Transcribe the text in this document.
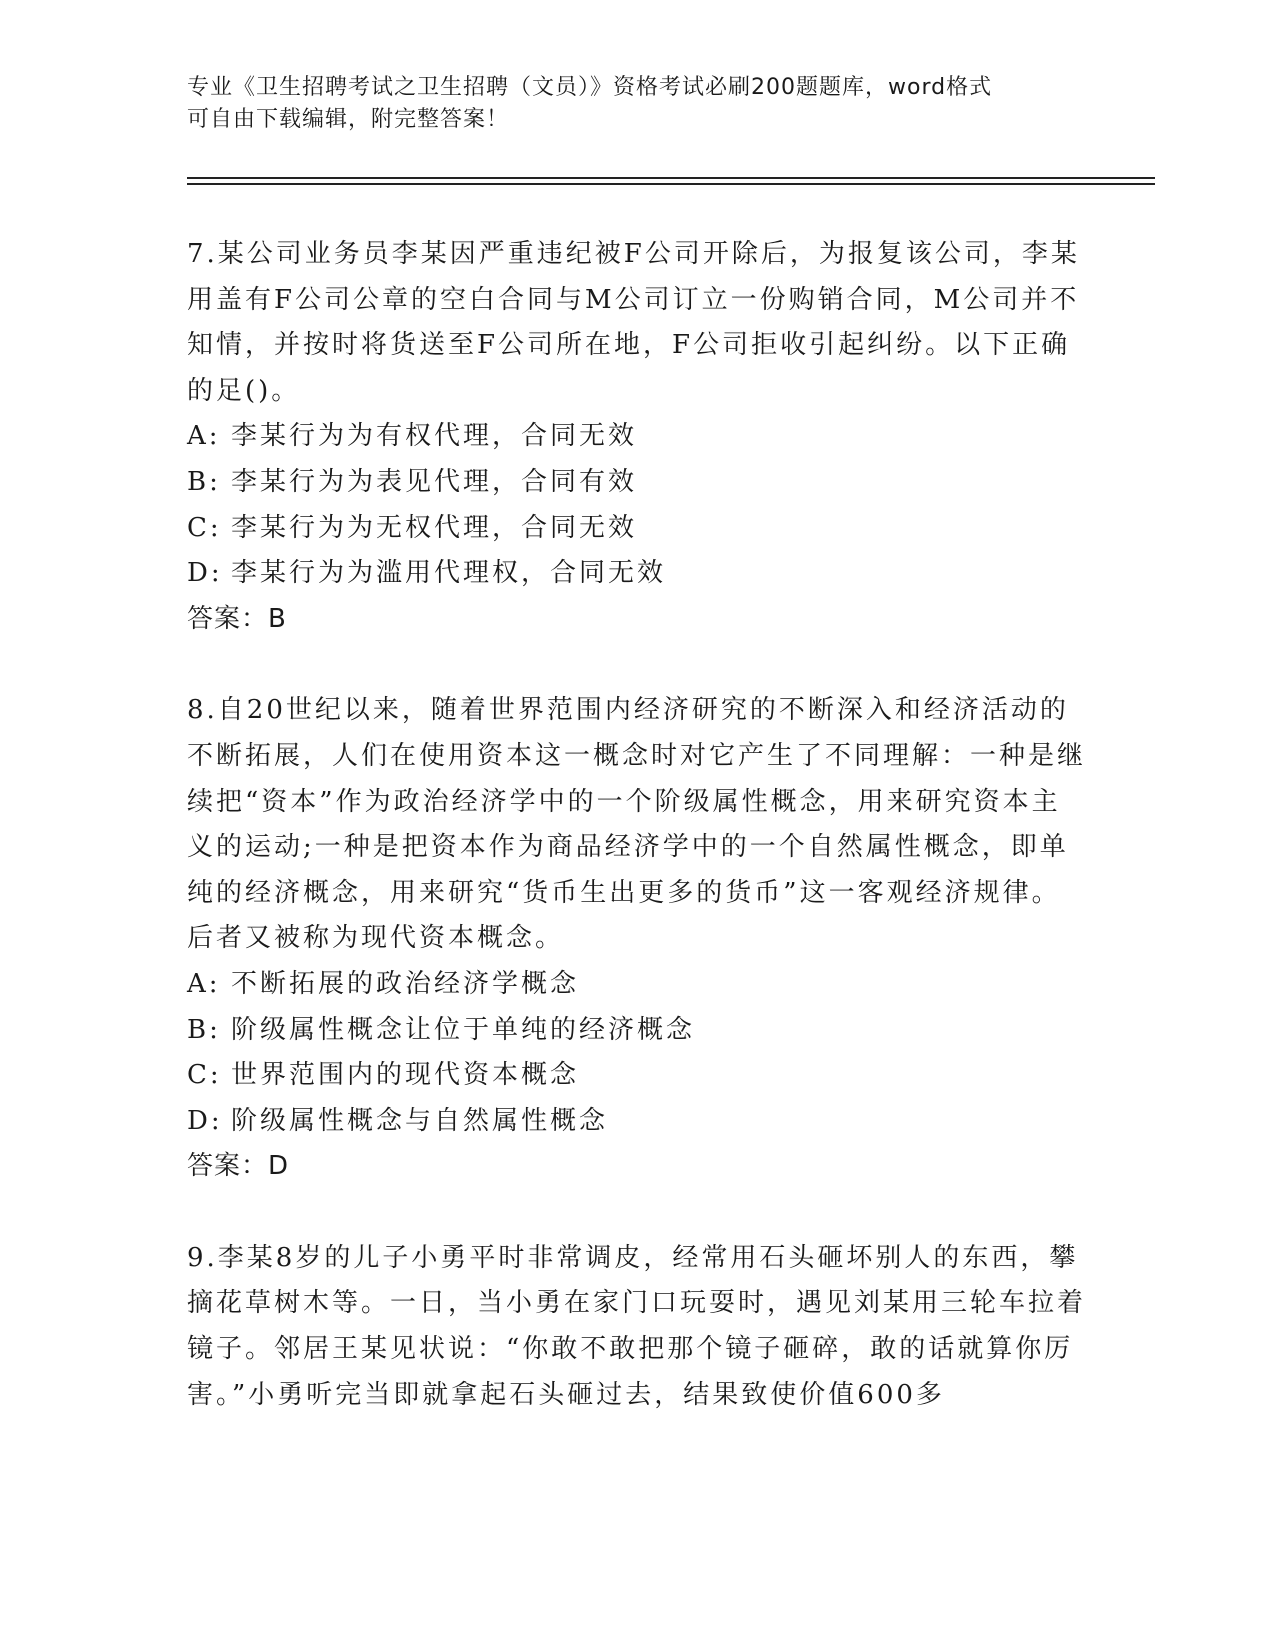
专业《卫生招聘考试之卫生招聘（文员）》资格考试必刷200题题库，word格式
可自由下载编辑，附完整答案！

7.某公司业务员李某因严重违纪被F公司开除后，为报复该公司，李某用盖有F公司公章的空白合同与M公司订立一份购销合同，M公司并不知情，并按时将货送至F公司所在地，F公司拒收引起纠纷。以下正确的足()。

A: 李某行为为有权代理，合同无效
B: 李某行为为表见代理，合同有效
C: 李某行为为无权代理，合同无效
D: 李某行为为滥用代理权，合同无效
答案：B

8.自20世纪以来，随着世界范围内经济研究的不断深入和经济活动的不断拓展，人们在使用资本这一概念时对它产生了不同理解：一种是继续把“资本”作为政治经济学中的一个阶级属性概念，用来研究资本主义的运动;一种是把资本作为商品经济学中的一个自然属性概念，即单纯的经济概念，用来研究“货币生出更多的货币”这一客观经济规律。后者又被称为现代资本概念。

A: 不断拓展的政治经济学概念
B: 阶级属性概念让位于单纯的经济概念
C: 世界范围内的现代资本概念
D: 阶级属性概念与自然属性概念
答案：D

9.李某8岁的儿子小勇平时非常调皮，经常用石头砸坏别人的东西，攀摘花草树木等。一日，当小勇在家门口玩耍时，遇见刘某用三轮车拉着镜子。邻居王某见状说：“你敢不敢把那个镜子砸碎，敢的话就算你厉害。”小勇听完当即就拿起石头砸过去，结果致使价值600多
